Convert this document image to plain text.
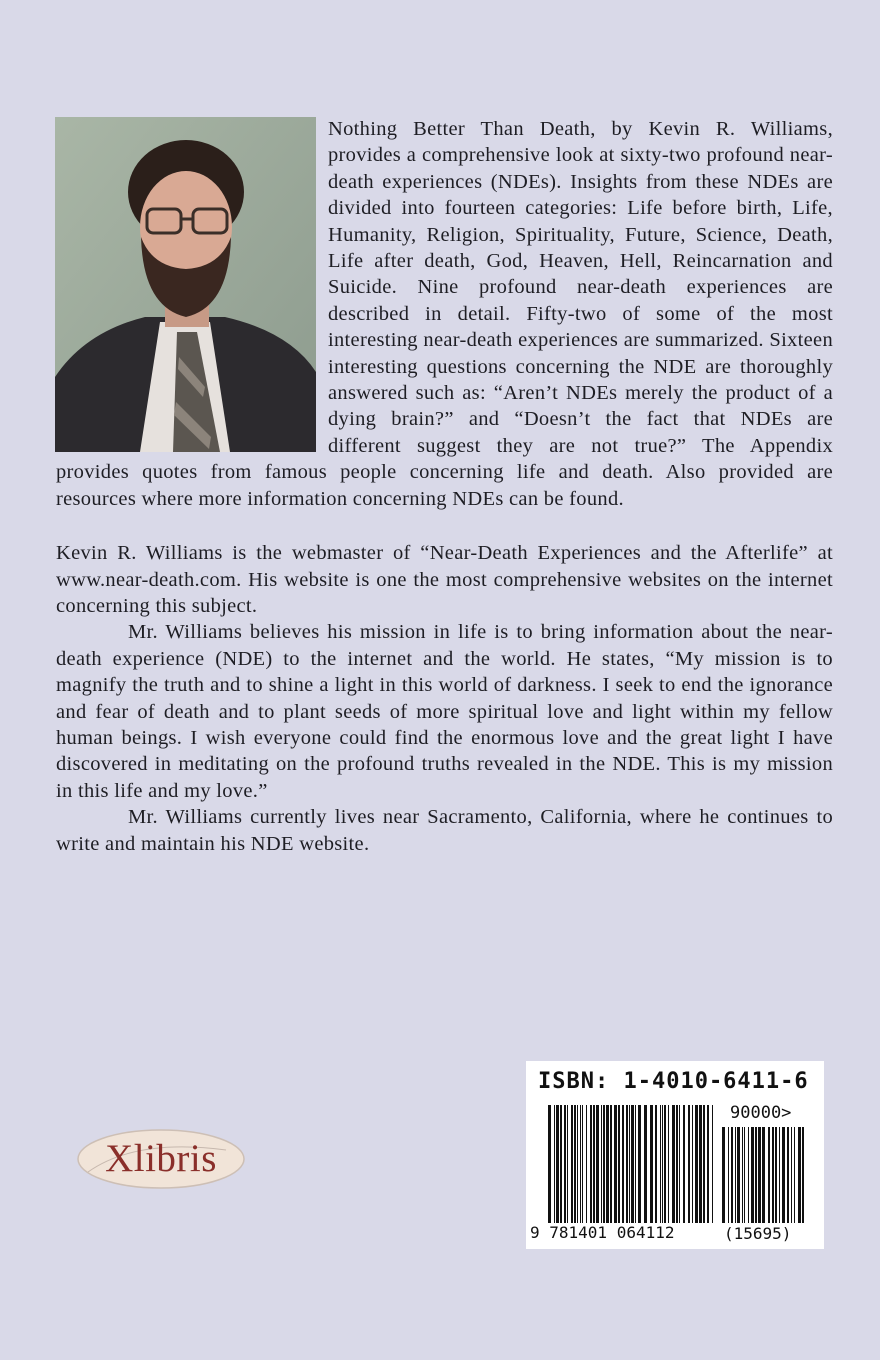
Nothing Better Than Death, by Kevin R. Williams, provides a comprehensive look at sixty-two profound near-death experiences (NDEs). Insights from these NDEs are divided into fourteen categories: Life before birth, Life, Humanity, Religion, Spirituality, Future, Science, Death, Life after death, God, Heaven, Hell, Reincarnation and Suicide. Nine profound near-death experiences are described in detail. Fifty-two of some of the most interesting near-death experiences are summarized. Sixteen interesting questions concerning the NDE are thoroughly answered such as: “Aren’t NDEs merely the product of a dying brain?” and “Doesn’t the fact that NDEs are different suggest they are not true?” The Appendix provides quotes from famous people concerning life and death. Also provided are resources where more information concerning NDEs can be found.

Kevin R. Williams is the webmaster of “Near-Death Experiences and the Afterlife” at www.near-death.com. His website is one the most comprehensive websites on the internet concerning this subject.

Mr. Williams believes his mission in life is to bring information about the near-death experience (NDE) to the internet and the world. He states, “My mission is to magnify the truth and to shine a light in this world of darkness. I seek to end the ignorance and fear of death and to plant seeds of more spiritual love and light within my fellow human beings. I wish everyone could find the enormous love and the great light I have discovered in meditating on the profound truths revealed in the NDE. This is my mission in this life and my love.”

Mr. Williams currently lives near Sacramento, California, where he continues to write and maintain his NDE website.

ISBN: 1-4010-6411-6
90000>
9 781401 064112	(15695)
Xlibris
